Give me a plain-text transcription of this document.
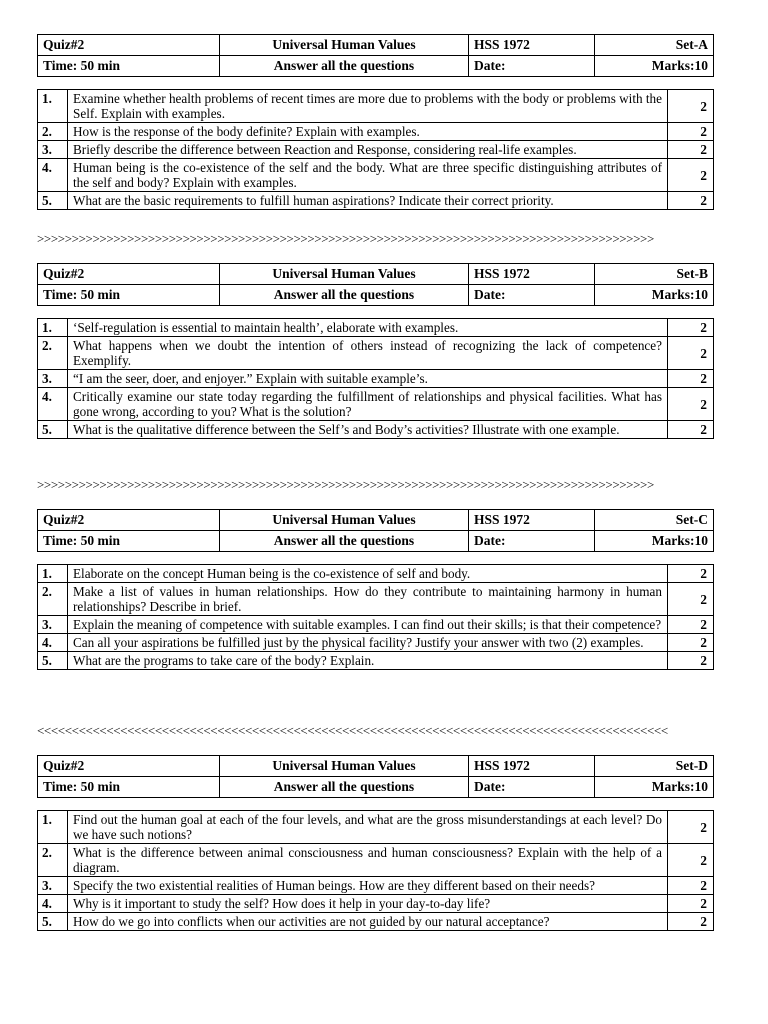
Quiz#2	Universal Human Values	HSS 1972	Set-A
Time: 50 min	Answer all the questions	Date:	Marks:10
1.	Examine whether health problems of recent times are more due to problems with the body or problems with the Self. Explain with examples.	2
2.	How is the response of the body definite? Explain with examples.	2
3.	Briefly describe the difference between Reaction and Response, considering real-life examples.	2
4.	Human being is the co-existence of the self and the body. What are three specific distinguishing attributes of the self and body? Explain with examples.	2
5.	What are the basic requirements to fulfill human aspirations? Indicate their correct priority.	2
>>>>>>>>>>>>>>>>>>>>>>>>>>>>>>>>>>>>>>>>>>>>>>>>>>>>>>>>>>>>>>>>>>>>>>>>>>>>>>>>>>>>>>>>>
Quiz#2	Universal Human Values	HSS 1972	Set-B
Time: 50 min	Answer all the questions	Date:	Marks:10
1.	‘Self-regulation is essential to maintain health’, elaborate with examples.	2
2.	What happens when we doubt the intention of others instead of recognizing the lack of competence? Exemplify.	2
3.	“I am the seer, doer, and enjoyer.” Explain with suitable example’s.	2
4.	Critically examine our state today regarding the fulfillment of relationships and physical facilities. What has gone wrong, according to you? What is the solution?	2
5.	What is the qualitative difference between the Self’s and Body’s activities? Illustrate with one example.	2
>>>>>>>>>>>>>>>>>>>>>>>>>>>>>>>>>>>>>>>>>>>>>>>>>>>>>>>>>>>>>>>>>>>>>>>>>>>>>>>>>>>>>>>>>
Quiz#2	Universal Human Values	HSS 1972	Set-C
Time: 50 min	Answer all the questions	Date:	Marks:10
1.	Elaborate on the concept Human being is the co-existence of self and body.	2
2.	Make a list of values in human relationships. How do they contribute to maintaining harmony in human relationships? Describe in brief.	2
3.	Explain the meaning of competence with suitable examples. I can find out their skills; is that their competence?	2
4.	Can all your aspirations be fulfilled just by the physical facility? Justify your answer with two (2) examples.	2
5.	What are the programs to take care of the body? Explain.	2
<<<<<<<<<<<<<<<<<<<<<<<<<<<<<<<<<<<<<<<<<<<<<<<<<<<<<<<<<<<<<<<<<<<<<<<<<<<<<<<<<<<<<<<<<<<
Quiz#2	Universal Human Values	HSS 1972	Set-D
Time: 50 min	Answer all the questions	Date:	Marks:10
1.	Find out the human goal at each of the four levels, and what are the gross misunderstandings at each level? Do we have such notions?	2
2.	What is the difference between animal consciousness and human consciousness? Explain with the help of a diagram.	2
3.	Specify the two existential realities of Human beings. How are they different based on their needs?	2
4.	Why is it important to study the self? How does it help in your day-to-day life?	2
5.	How do we go into conflicts when our activities are not guided by our natural acceptance?	2
